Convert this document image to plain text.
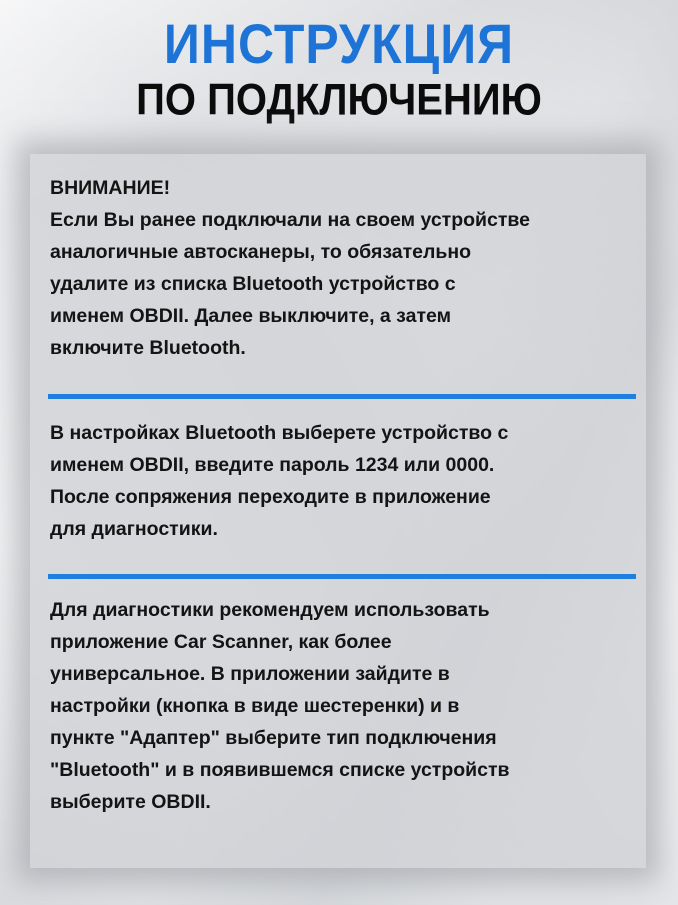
ИНСТРУКЦИЯ
ПО ПОДКЛЮЧЕНИЮ
ВНИМАНИЕ!
Если Вы ранее подключали на своем устройстве
аналогичные автосканеры, то обязательно
удалите из списка Bluetooth устройство с
именем OBDII. Далее выключите, а затем
включите Bluetooth.
В настройках Bluetooth выберете устройство с
именем OBDII, введите пароль 1234 или 0000.
После сопряжения переходите в приложение
для диагностики.
Для диагностики рекомендуем использовать
приложение Car Scanner, как более
универсальное. В приложении зайдите в
настройки (кнопка в виде шестеренки) и в
пункте "Адаптер" выберите тип подключения
"Bluetooth" и в появившемся списке устройств
выберите OBDII.
